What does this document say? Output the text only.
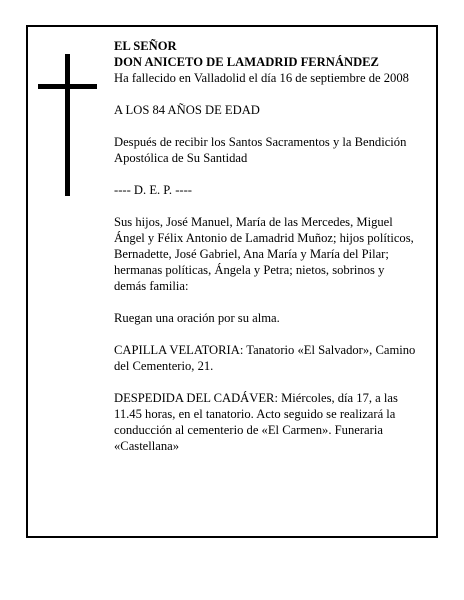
EL SEÑOR

DON ANICETO DE LAMADRID FERNÁNDEZ

Ha fallecido en Valladolid el día 16 de septiembre de 2008

A LOS 84 AÑOS DE EDAD

Después de recibir los Santos Sacramentos y la Bendición Apostólica de Su Santidad

---- D. E. P. ----

Sus hijos, José Manuel, María de las Mercedes, Miguel Ángel y Félix Antonio de Lamadrid Muñoz; hijos políticos, Bernadette, José Gabriel, Ana María y María del Pilar; hermanas políticas, Ángela y Petra; nietos, sobrinos y demás familia:

Ruegan una oración por su alma.

CAPILLA VELATORIA: Tanatorio «El Salvador», Camino del Cementerio, 21.

DESPEDIDA DEL CADÁVER: Miércoles, día 17, a las 11.45 horas, en el tanatorio. Acto seguido se realizará la conducción al cementerio de «El Carmen». Funeraria «Castellana»
